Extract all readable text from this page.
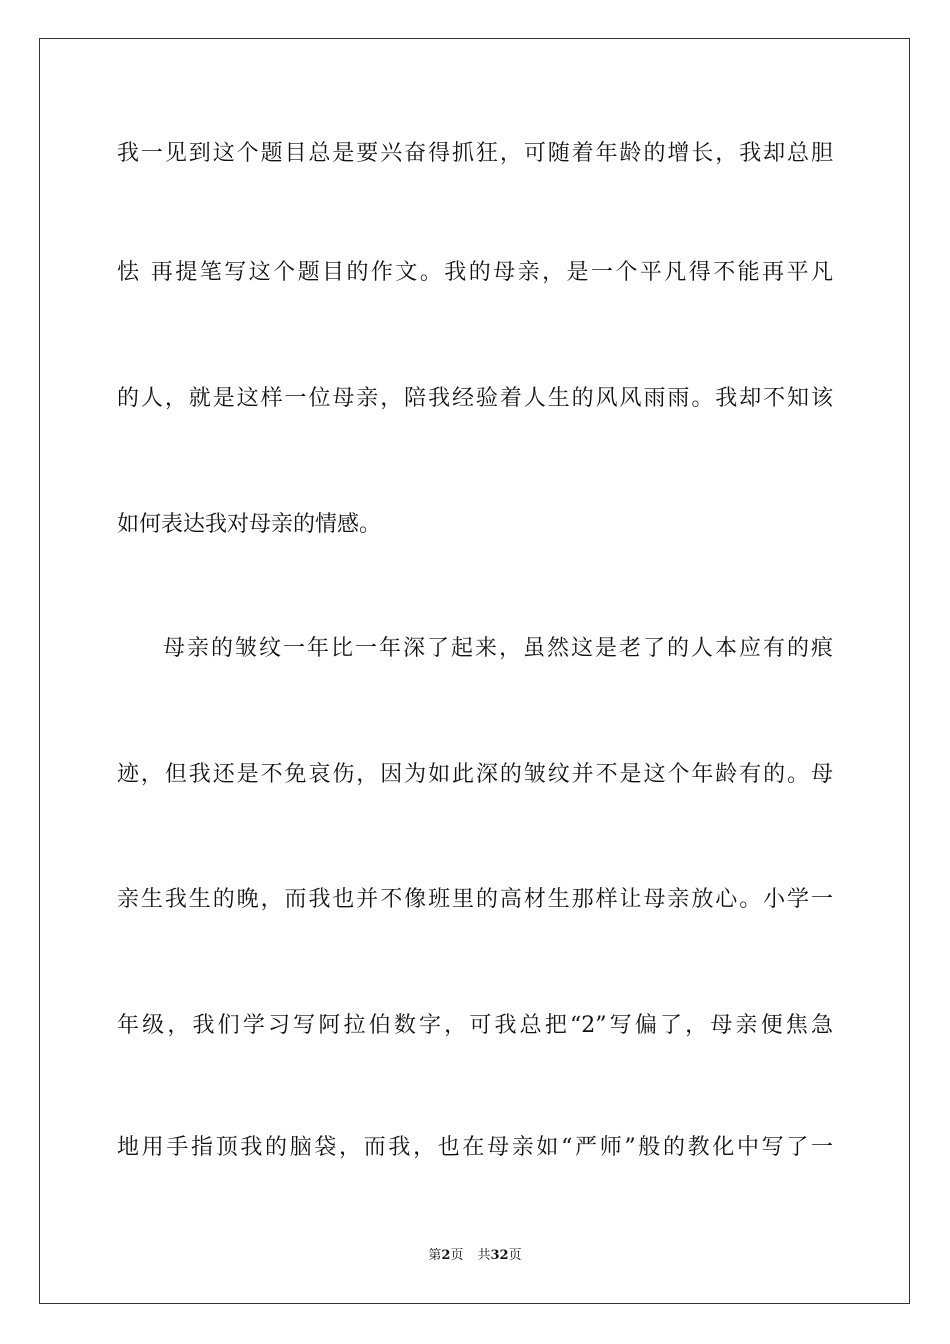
我一见到这个题目总是要兴奋得抓狂，可随着年龄的增长，我却总胆
怯 再提笔写这个题目的作文。我的母亲，是一个平凡得不能再平凡
的人，就是这样一位母亲，陪我经验着人生的风风雨雨。我却不知该
如何表达我对母亲的情感。
母亲的皱纹一年比一年深了起来，虽然这是老了的人本应有的痕
迹，但我还是不免哀伤，因为如此深的皱纹并不是这个年龄有的。母
亲生我生的晚，而我也并不像班里的高材生那样让母亲放心。小学一
年级，我们学习写阿拉伯数字，可我总把“2”写偏了，母亲便焦急
地用手指顶我的脑袋，而我，也在母亲如“严师”般的教化中写了一
第2页 共32页
